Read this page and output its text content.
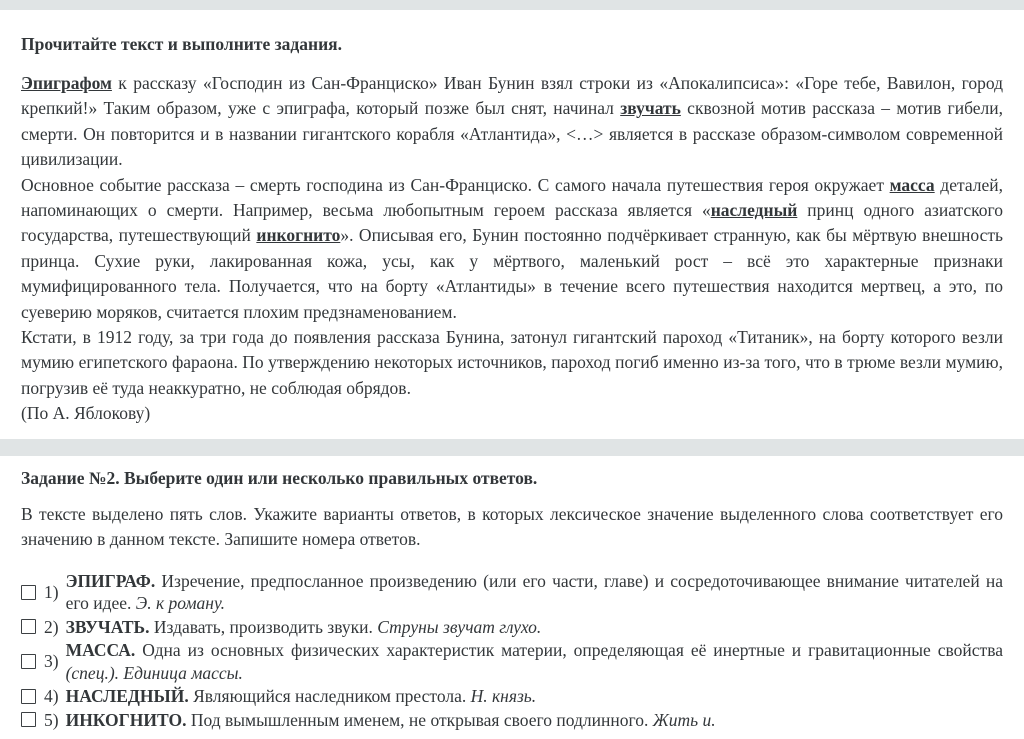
Прочитайте текст и выполните задания.

Эпиграфом к рассказу «Господин из Сан-Франциско» Иван Бунин взял строки из «Апокалипсиса»: «Горе тебе, Вавилон, город крепкий!» Таким образом, уже с эпиграфа, который позже был снят, начинал звучать сквозной мотив рассказа – мотив гибели, смерти. Он повторится и в названии гигантского корабля «Атлантида», <…> является в рассказе образом-символом современной цивилизации.

Основное событие рассказа – смерть господина из Сан-Франциско. С самого начала путешествия героя окружает масса деталей, напоминающих о смерти. Например, весьма любопытным героем рассказа является «наследный принц одного азиатского государства, путешествующий инкогнито». Описывая его, Бунин постоянно подчёркивает странную, как бы мёртвую внешность принца. Сухие руки, лакированная кожа, усы, как у мёртвого, маленький рост – всё это характерные признаки мумифицированного тела. Получается, что на борту «Атлантиды» в течение всего путешествия находится мертвец, а это, по суеверию моряков, считается плохим предзнаменованием.

Кстати, в 1912 году, за три года до появления рассказа Бунина, затонул гигантский пароход «Титаник», на борту которого везли мумию египетского фараона. По утверждению некоторых источников, пароход погиб именно из-за того, что в трюме везли мумию, погрузив её туда неаккуратно, не соблюдая обрядов.

(По А. Яблокову)

Задание №2. Выберите один или несколько правильных ответов.

В тексте выделено пять слов. Укажите варианты ответов, в которых лексическое значение выделенного слова соответствует его значению в данном тексте. Запишите номера ответов.

1)
ЭПИГРАФ. Изречение, предпосланное произведению (или его части, главе) и сосредоточивающее внимание читателей на его идее. Э. к роману.
2) ЗВУЧАТЬ. Издавать, производить звуки. Струны звучат глухо.
3)
МАССА. Одна из основных физических характеристик материи, определяющая её инертные и гравитационные свойства (спец.). Единица массы.
4) НАСЛЕДНЫЙ. Являющийся наследником престола. Н. князь.
5) ИНКОГНИТО. Под вымышленным именем, не открывая своего подлинного. Жить и.
